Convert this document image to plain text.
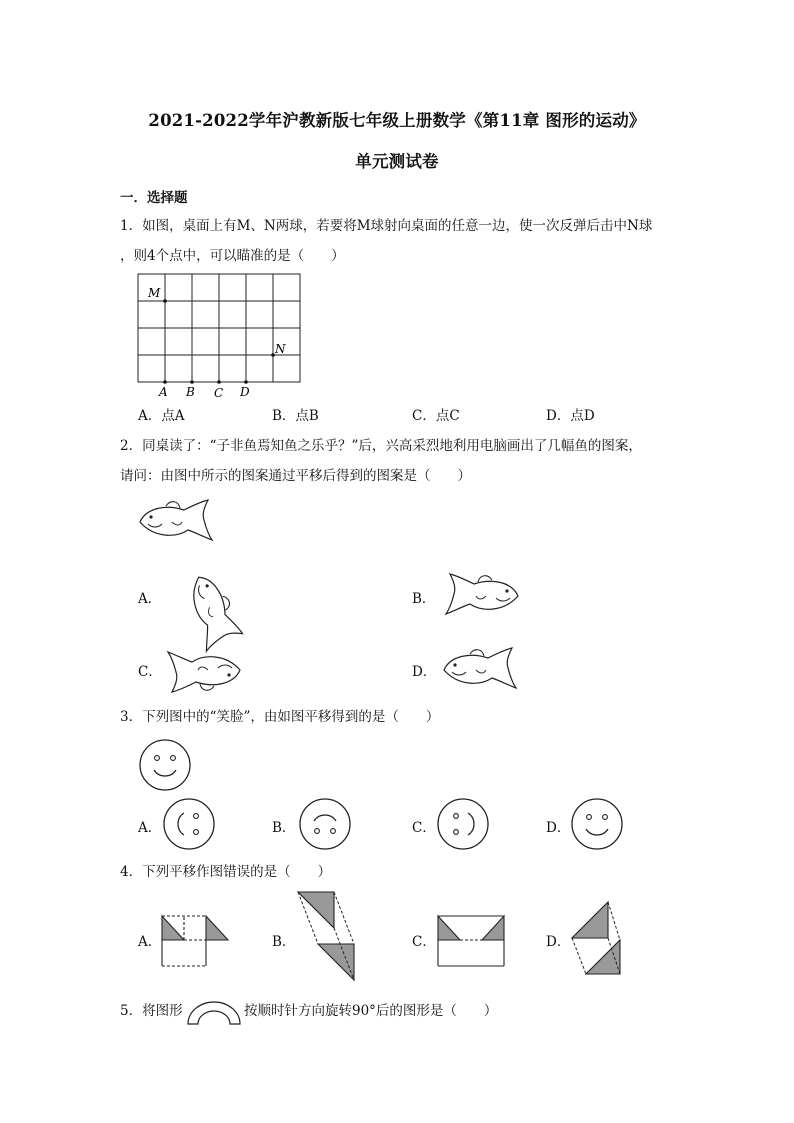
2021-2022学年沪教新版七年级上册数学《第11章 图形的运动》
单元测试卷
一．选择题
1．如图，桌面上有M、N两球，若要将M球射向桌面的任意一边，使一次反弹后击中N球
，则4个点中，可以瞄准的是（　　）
M
N
A B C D
A．点A	B．点B	C．点C	D．点D
2．同桌读了：“子非鱼焉知鱼之乐乎？”后，兴高采烈地利用电脑画出了几幅鱼的图案，
请问：由图中所示的图案通过平移后得到的图案是（　　）
A．	B．
C．	D．
3．下列图中的“笑脸”，由如图平移得到的是（　　）
A．	B．	C．	D．
4．下列平移作图错误的是（　　）
A．	B．	C．	D．
5．将图形	按顺时针方向旋转90°后的图形是（　　）
